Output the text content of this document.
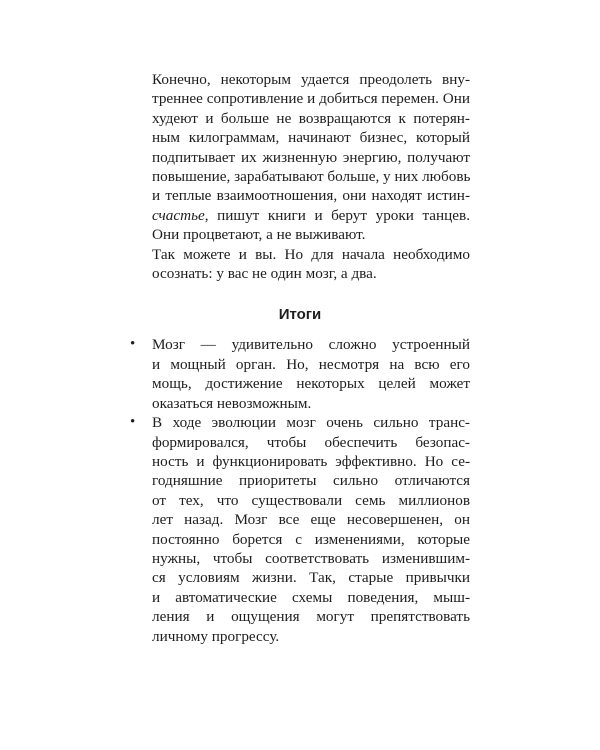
Конечно, некоторым удается преодолеть вну-
треннее сопротивление и добиться перемен. Они
худеют и больше не возвращаются к потерян-
ным килограммам, начинают бизнес, который
подпитывает их жизненную энергию, получают
повышение, зарабатывают больше, у них любовь
и теплые взаимоотношения, они находят истин-
счастье, пишут книги и берут уроки танцев.
Они процветают, а не выживают.

Так можете и вы. Но для начала необходимо
осознать: у вас не один мозг, а два.

Итоги
• Мозг — удивительно сложно устроенный
и мощный орган. Но, несмотря на всю его
мощь, достижение некоторых целей может
оказаться невозможным.
• В ходе эволюции мозг очень сильно транс-
формировался, чтобы обеспечить безопас-
ность и функционировать эффективно. Но се-
годняшние приоритеты сильно отличаются
от тех, что существовали семь миллионов
лет назад. Мозг все еще несовершенен, он
постоянно борется с изменениями, которые
нужны, чтобы соответствовать изменившим-
ся условиям жизни. Так, старые привычки
и автоматические схемы поведения, мыш-
ления и ощущения могут препятствовать
личному прогрессу.
